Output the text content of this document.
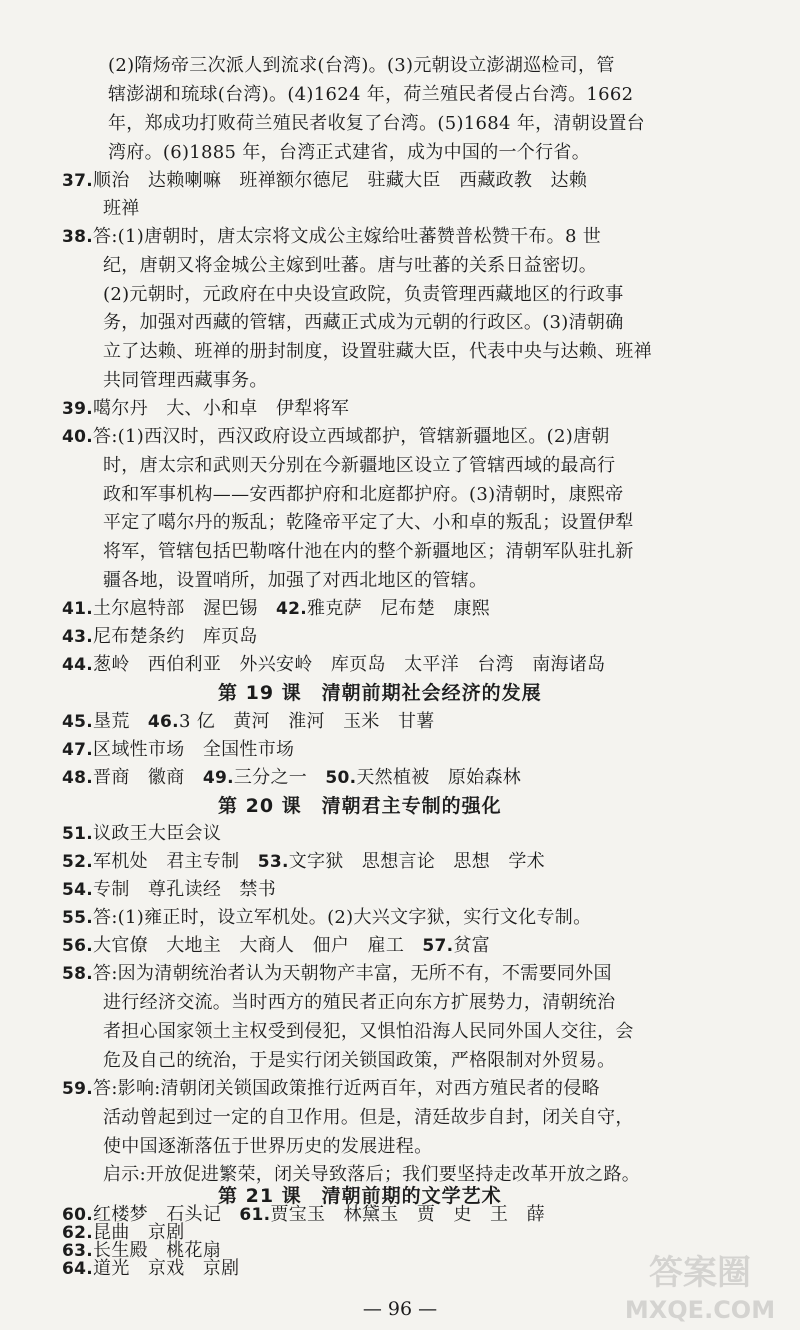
(2)隋炀帝三次派人到流求(台湾)。(3)元朝设立澎湖巡检司，管
辖澎湖和琉球(台湾)。(4)1624 年，荷兰殖民者侵占台湾。1662
年，郑成功打败荷兰殖民者收复了台湾。(5)1684 年，清朝设置台
湾府。(6)1885 年，台湾正式建省，成为中国的一个行省。
37.顺治　达赖喇嘛　班禅额尔德尼　驻藏大臣　西藏政教　达赖
班禅
38.答:(1)唐朝时，唐太宗将文成公主嫁给吐蕃赞普松赞干布。8 世
纪，唐朝又将金城公主嫁到吐蕃。唐与吐蕃的关系日益密切。
(2)元朝时，元政府在中央设宣政院，负责管理西藏地区的行政事
务，加强对西藏的管辖，西藏正式成为元朝的行政区。(3)清朝确
立了达赖、班禅的册封制度，设置驻藏大臣，代表中央与达赖、班禅
共同管理西藏事务。
39.噶尔丹　大、小和卓　伊犁将军
40.答:(1)西汉时，西汉政府设立西域都护，管辖新疆地区。(2)唐朝
时，唐太宗和武则天分别在今新疆地区设立了管辖西域的最高行
政和军事机构——安西都护府和北庭都护府。(3)清朝时，康熙帝
平定了噶尔丹的叛乱；乾隆帝平定了大、小和卓的叛乱；设置伊犁
将军，管辖包括巴勒喀什池在内的整个新疆地区；清朝军队驻扎新
疆各地，设置哨所，加强了对西北地区的管辖。
41.土尔扈特部　渥巴锡　42.雅克萨　尼布楚　康熙
43.尼布楚条约　库页岛
44.葱岭　西伯利亚　外兴安岭　库页岛　太平洋　台湾　南海诸岛
45.垦荒　46.3 亿　黄河　淮河　玉米　甘薯
47.区域性市场　全国性市场
48.晋商　徽商　49.三分之一　50.天然植被　原始森林
51.议政王大臣会议
52.军机处　君主专制　53.文字狱　思想言论　思想　学术
54.专制　尊孔读经　禁书
55.答:(1)雍正时，设立军机处。(2)大兴文字狱，实行文化专制。
56.大官僚　大地主　大商人　佃户　雇工　57.贫富
58.答:因为清朝统治者认为天朝物产丰富，无所不有，不需要同外国
进行经济交流。当时西方的殖民者正向东方扩展势力，清朝统治
者担心国家领土主权受到侵犯，又惧怕沿海人民同外国人交往，会
危及自己的统治，于是实行闭关锁国政策，严格限制对外贸易。
59.答:影响:清朝闭关锁国政策推行近两百年，对西方殖民者的侵略
活动曾起到过一定的自卫作用。但是，清廷故步自封，闭关自守，
使中国逐渐落伍于世界历史的发展进程。
启示:开放促进繁荣，闭关导致落后；我们要坚持走改革开放之路。
60.红楼梦　石头记　61.贾宝玉　林黛玉　贾　史　王　薛
62.昆曲　京剧
63.长生殿　桃花扇
64.道光　京戏　京剧
第 19 课　清朝前期社会经济的发展
第 20 课　清朝君主专制的强化
第 21 课　清朝前期的文学艺术
答案圈
MXQE.COM
— 96 —
